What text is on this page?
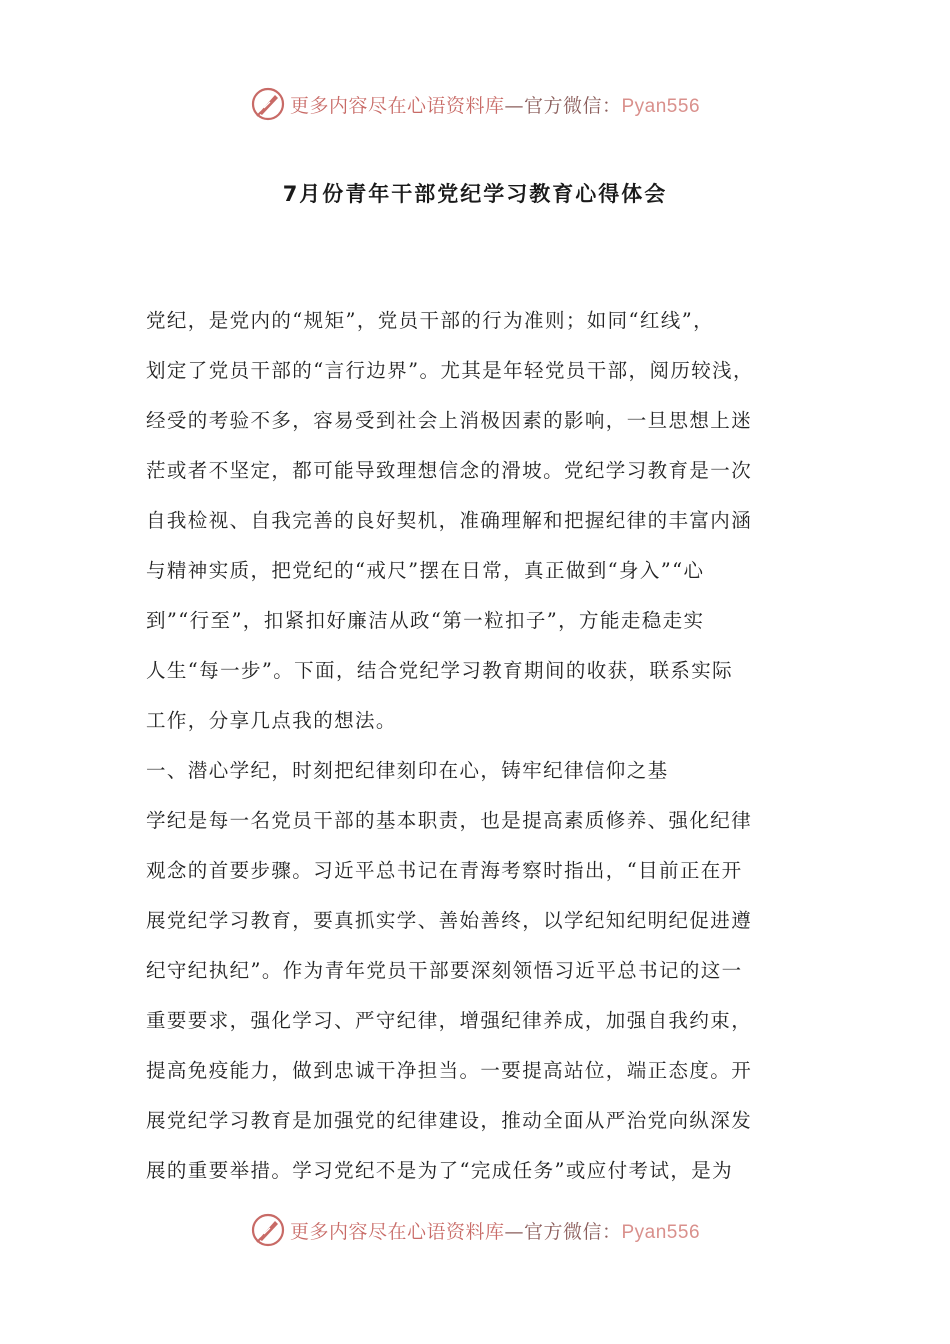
更多内容尽在心语资料库—官方微信：Pyan556
7月份青年干部党纪学习教育心得体会
党纪，是党内的“规矩”，党员干部的行为准则；如同“红线”，
划定了党员干部的“言行边界”。尤其是年轻党员干部，阅历较浅，
经受的考验不多，容易受到社会上消极因素的影响，一旦思想上迷
茫或者不坚定，都可能导致理想信念的滑坡。党纪学习教育是一次
自我检视、自我完善的良好契机，准确理解和把握纪律的丰富内涵
与精神实质，把党纪的“戒尺”摆在日常，真正做到“身入”“心
到”“行至”，扣紧扣好廉洁从政“第一粒扣子”，方能走稳走实
人生“每一步”。下面，结合党纪学习教育期间的收获，联系实际
工作，分享几点我的想法。
一、潜心学纪，时刻把纪律刻印在心，铸牢纪律信仰之基
学纪是每一名党员干部的基本职责，也是提高素质修养、强化纪律
观念的首要步骤。习近平总书记在青海考察时指出，“目前正在开
展党纪学习教育，要真抓实学、善始善终，以学纪知纪明纪促进遵
纪守纪执纪”。作为青年党员干部要深刻领悟习近平总书记的这一
重要要求，强化学习、严守纪律，增强纪律养成，加强自我约束，
提高免疫能力，做到忠诚干净担当。一要提高站位，端正态度。开
展党纪学习教育是加强党的纪律建设，推动全面从严治党向纵深发
展的重要举措。学习党纪不是为了“完成任务”或应付考试，是为
更多内容尽在心语资料库—官方微信：Pyan556
